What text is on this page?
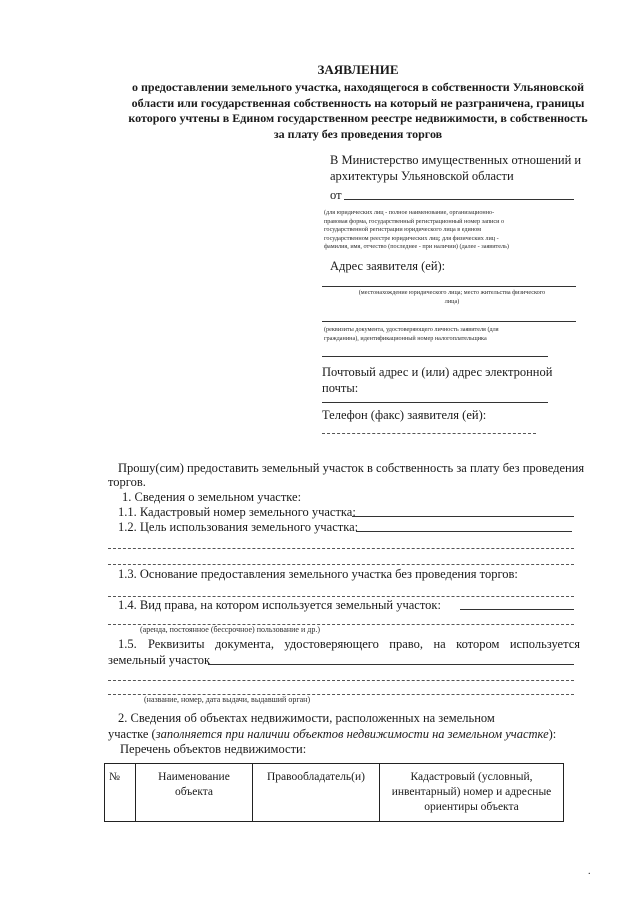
ЗАЯВЛЕНИЕ
о предоставлении земельного участка, находящегося в собственности Ульяновской
области или государственная собственность на который не разграничена, границы
которого учтены в Едином государственном реестре недвижимости, в собственность
за плату без проведения торгов
В Министерство имущественных отношений и
архитектуры Ульяновской области
от
(для юридических лиц - полное наименование, организационно-
правовая форма, государственный регистрационный номер записи о
государственной регистрации юридического лица в едином
государственном реестре юридических лиц; для физических лиц -
фамилия, имя, отчество (последнее - при наличии) (далее - заявитель)
Адрес заявителя (ей):
(местонахождение юридического лица; место жительства физического
лица)
(реквизиты документа, удостоверяющего личность заявителя (для
гражданина), идентификационный номер налогоплательщика
Почтовый адрес и (или) адрес электронной
почты:
Телефон (факс) заявителя (ей):
Прошу(сим) предоставить земельный участок в собственность за плату без проведения
торгов.
1. Сведения о земельном участке:
1.1. Кадастровый номер земельного участка:
1.2. Цель использования земельного участка:
1.3. Основание предоставления земельного участка без проведения торгов:
1.4. Вид права, на котором используется земельный участок:
(аренда, постоянное (бессрочное) пользование и др.)
1.5. Реквизиты документа, удостоверяющего право, на котором используется
земельный участок
(название, номер, дата выдачи, выдавший орган)
2. Сведения об объектах недвижимости, расположенных на земельном
участке (заполняется при наличии объектов недвижимости на земельном участке):
Перечень объектов недвижимости:
№	Наименование объекта	Правообладатель(и)	Кадастровый (условный, инвентарный) номер и адресные ориентиры объекта
.
